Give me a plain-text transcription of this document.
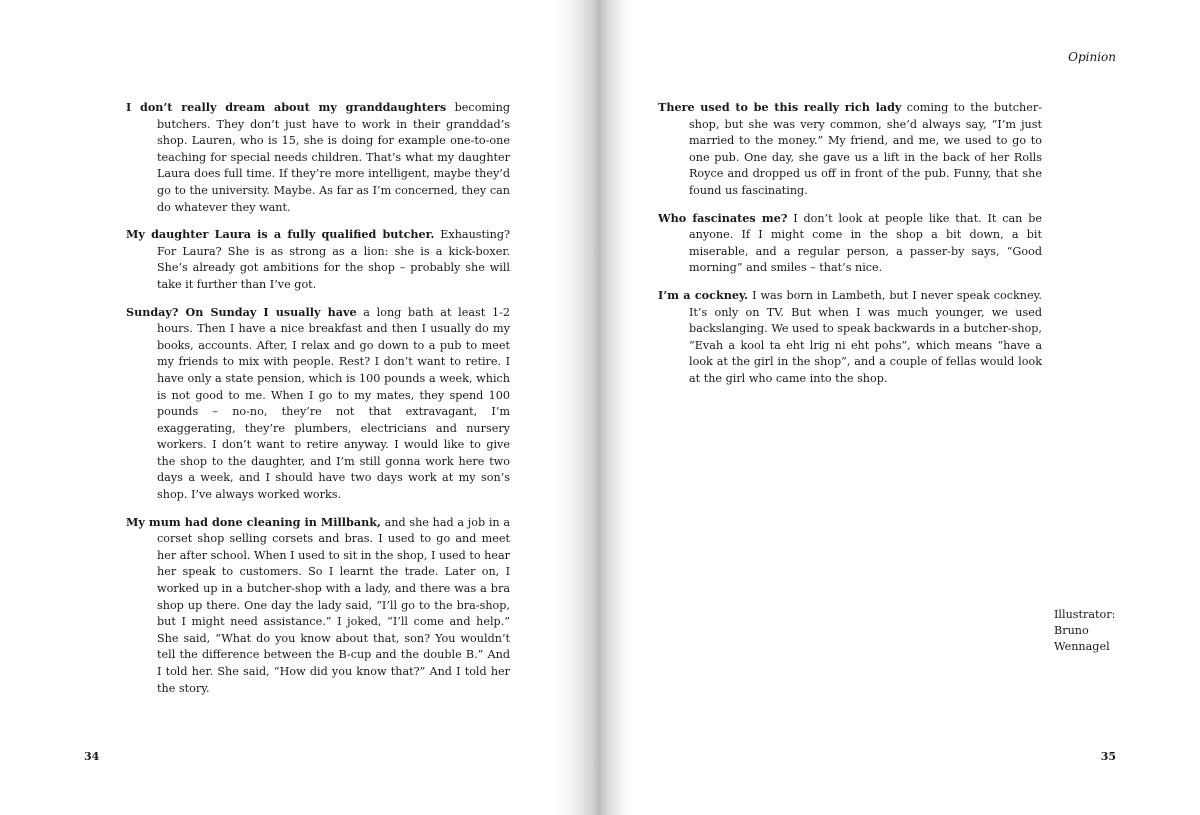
I don’t really dream about my granddaughters becoming butchers. They don’t just have to work in their granddad’s shop. Lauren, who is 15, she is doing for example one-to-one teaching for special needs children. That’s what my daughter Laura does full time. If they’re more intelligent, maybe they’d go to the university. Maybe. As far as I’m concerned, they can do whatever they want.

My daughter Laura is a fully qualified butcher. Exhausting? For Laura? She is as strong as a lion: she is a kick-boxer. She’s already got ambitions for the shop – probably she will take it further than I’ve got.

Sunday? On Sunday I usually have a long bath at least 1-2 hours. Then I have a nice breakfast and then I usually do my books, accounts. After, I relax and go down to a pub to meet my friends to mix with people. Rest? I don’t want to retire. I have only a state pension, which is 100 pounds a week, which is not good to me. When I go to my mates, they spend 100 pounds – no-no, they’re not that extravagant, I’m exaggerating, they’re plumbers, electricians and nursery workers. I don’t want to retire anyway. I would like to give the shop to the daughter, and I’m still gonna work here two days a week, and I should have two days work at my son’s shop. I’ve always worked works.

My mum had done cleaning in Millbank, and she had a job in a corset shop selling corsets and bras. I used to go and meet her after school. When I used to sit in the shop, I used to hear her speak to customers. So I learnt the trade. Later on, I worked up in a butcher-shop with a lady, and there was a bra shop up there. One day the lady said, “I’ll go to the bra-shop, but I might need assistance.” I joked, “I’ll come and help.” She said, “What do you know about that, son? You wouldn’t tell the difference between the B-cup and the double B.” And I told her. She said, “How did you know that?” And I told her the story.

34
Opinion

There used to be this really rich lady coming to the butcher-shop, but she was very common, she’d always say, “I’m just married to the money.” My friend, and me, we used to go to one pub. One day, she gave us a lift in the back of her Rolls Royce and dropped us off in front of the pub. Funny, that she found us fascinating.

Who fascinates me? I don’t look at people like that. It can be anyone. If I might come in the shop a bit down, a bit miserable, and a regular person, a passer-by says, “Good morning” and smiles – that’s nice.

I’m a cockney. I was born in Lambeth, but I never speak cockney. It’s only on TV. But when I was much younger, we used backslanging. We used to speak backwards in a butcher-shop, “Evah a kool ta eht lrig ni eht pohs”, which means “have a look at the girl in the shop”, and a couple of fellas would look at the girl who came into the shop.

Illustrator:
Bruno
Wennagel
35
